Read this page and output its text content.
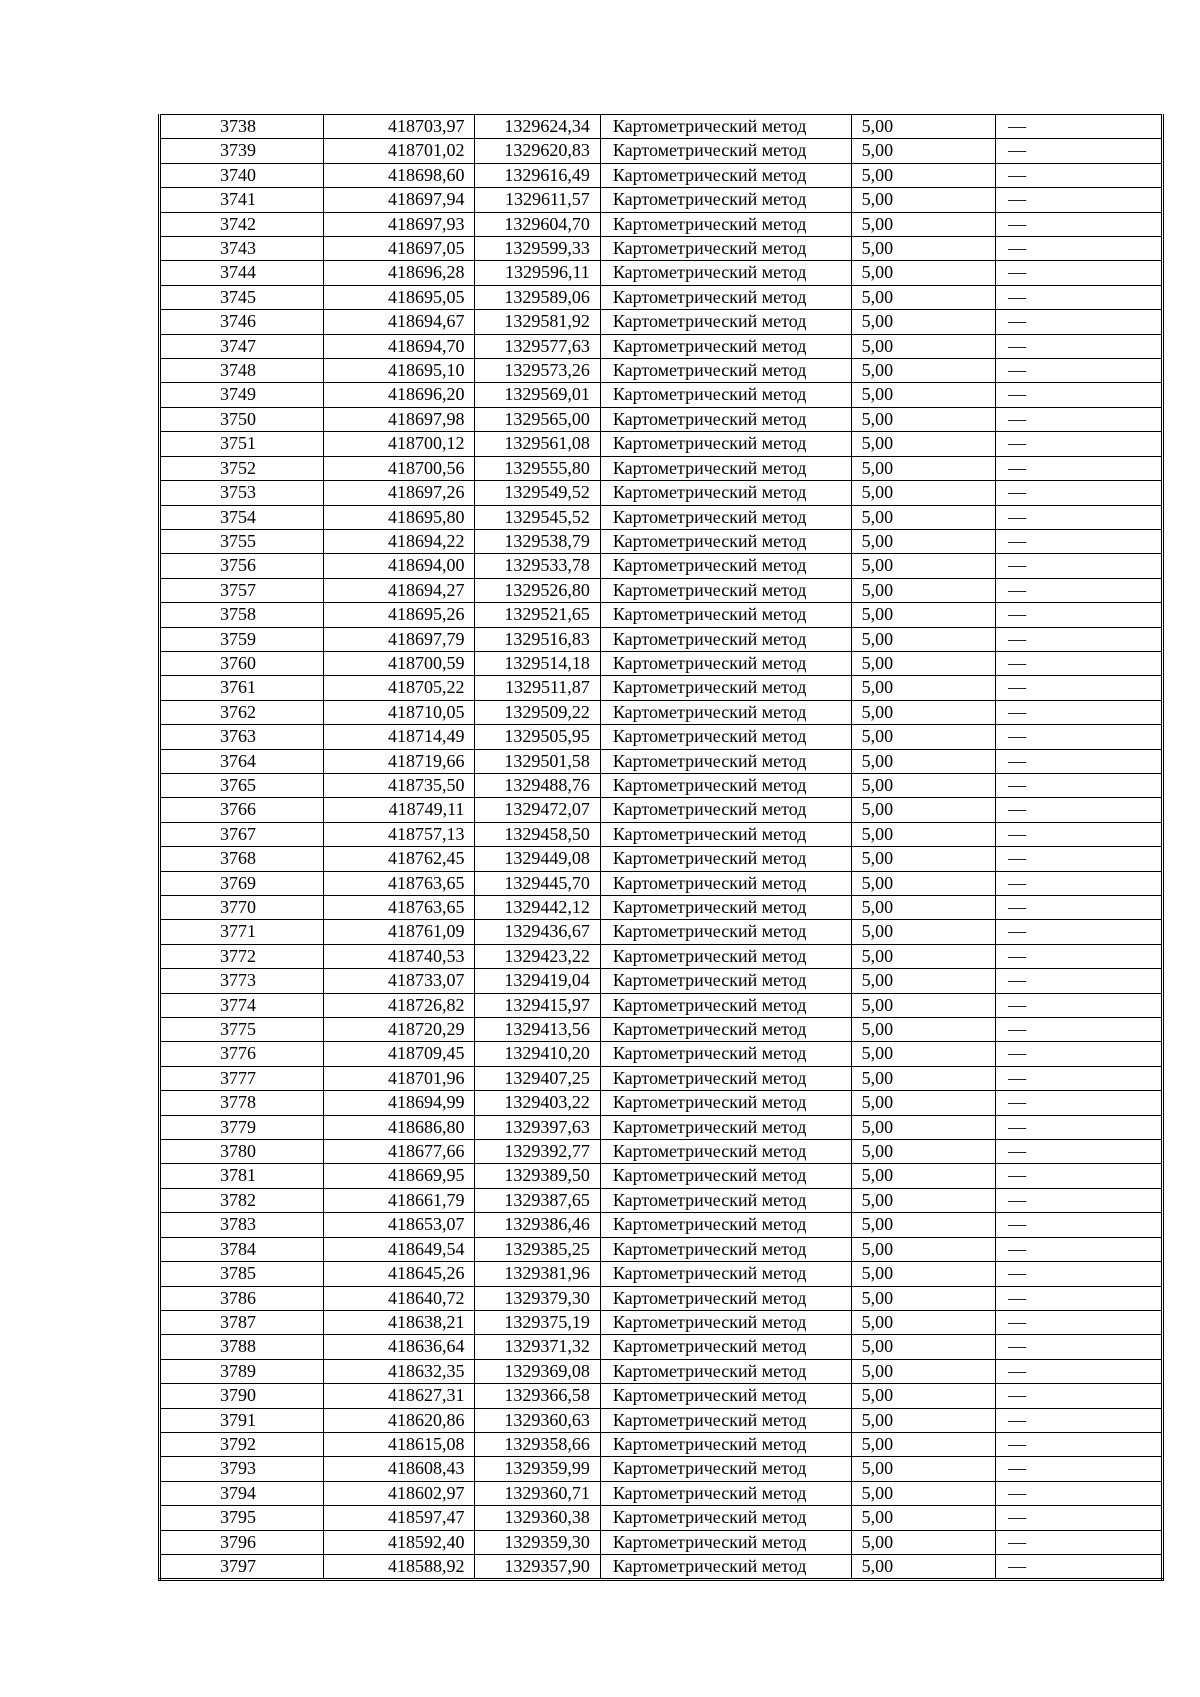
3738	418703,97	1329624,34	Картометрический метод	5,00	—
3739	418701,02	1329620,83	Картометрический метод	5,00	—
3740	418698,60	1329616,49	Картометрический метод	5,00	—
3741	418697,94	1329611,57	Картометрический метод	5,00	—
3742	418697,93	1329604,70	Картометрический метод	5,00	—
3743	418697,05	1329599,33	Картометрический метод	5,00	—
3744	418696,28	1329596,11	Картометрический метод	5,00	—
3745	418695,05	1329589,06	Картометрический метод	5,00	—
3746	418694,67	1329581,92	Картометрический метод	5,00	—
3747	418694,70	1329577,63	Картометрический метод	5,00	—
3748	418695,10	1329573,26	Картометрический метод	5,00	—
3749	418696,20	1329569,01	Картометрический метод	5,00	—
3750	418697,98	1329565,00	Картометрический метод	5,00	—
3751	418700,12	1329561,08	Картометрический метод	5,00	—
3752	418700,56	1329555,80	Картометрический метод	5,00	—
3753	418697,26	1329549,52	Картометрический метод	5,00	—
3754	418695,80	1329545,52	Картометрический метод	5,00	—
3755	418694,22	1329538,79	Картометрический метод	5,00	—
3756	418694,00	1329533,78	Картометрический метод	5,00	—
3757	418694,27	1329526,80	Картометрический метод	5,00	—
3758	418695,26	1329521,65	Картометрический метод	5,00	—
3759	418697,79	1329516,83	Картометрический метод	5,00	—
3760	418700,59	1329514,18	Картометрический метод	5,00	—
3761	418705,22	1329511,87	Картометрический метод	5,00	—
3762	418710,05	1329509,22	Картометрический метод	5,00	—
3763	418714,49	1329505,95	Картометрический метод	5,00	—
3764	418719,66	1329501,58	Картометрический метод	5,00	—
3765	418735,50	1329488,76	Картометрический метод	5,00	—
3766	418749,11	1329472,07	Картометрический метод	5,00	—
3767	418757,13	1329458,50	Картометрический метод	5,00	—
3768	418762,45	1329449,08	Картометрический метод	5,00	—
3769	418763,65	1329445,70	Картометрический метод	5,00	—
3770	418763,65	1329442,12	Картометрический метод	5,00	—
3771	418761,09	1329436,67	Картометрический метод	5,00	—
3772	418740,53	1329423,22	Картометрический метод	5,00	—
3773	418733,07	1329419,04	Картометрический метод	5,00	—
3774	418726,82	1329415,97	Картометрический метод	5,00	—
3775	418720,29	1329413,56	Картометрический метод	5,00	—
3776	418709,45	1329410,20	Картометрический метод	5,00	—
3777	418701,96	1329407,25	Картометрический метод	5,00	—
3778	418694,99	1329403,22	Картометрический метод	5,00	—
3779	418686,80	1329397,63	Картометрический метод	5,00	—
3780	418677,66	1329392,77	Картометрический метод	5,00	—
3781	418669,95	1329389,50	Картометрический метод	5,00	—
3782	418661,79	1329387,65	Картометрический метод	5,00	—
3783	418653,07	1329386,46	Картометрический метод	5,00	—
3784	418649,54	1329385,25	Картометрический метод	5,00	—
3785	418645,26	1329381,96	Картометрический метод	5,00	—
3786	418640,72	1329379,30	Картометрический метод	5,00	—
3787	418638,21	1329375,19	Картометрический метод	5,00	—
3788	418636,64	1329371,32	Картометрический метод	5,00	—
3789	418632,35	1329369,08	Картометрический метод	5,00	—
3790	418627,31	1329366,58	Картометрический метод	5,00	—
3791	418620,86	1329360,63	Картометрический метод	5,00	—
3792	418615,08	1329358,66	Картометрический метод	5,00	—
3793	418608,43	1329359,99	Картометрический метод	5,00	—
3794	418602,97	1329360,71	Картометрический метод	5,00	—
3795	418597,47	1329360,38	Картометрический метод	5,00	—
3796	418592,40	1329359,30	Картометрический метод	5,00	—
3797	418588,92	1329357,90	Картометрический метод	5,00	—
